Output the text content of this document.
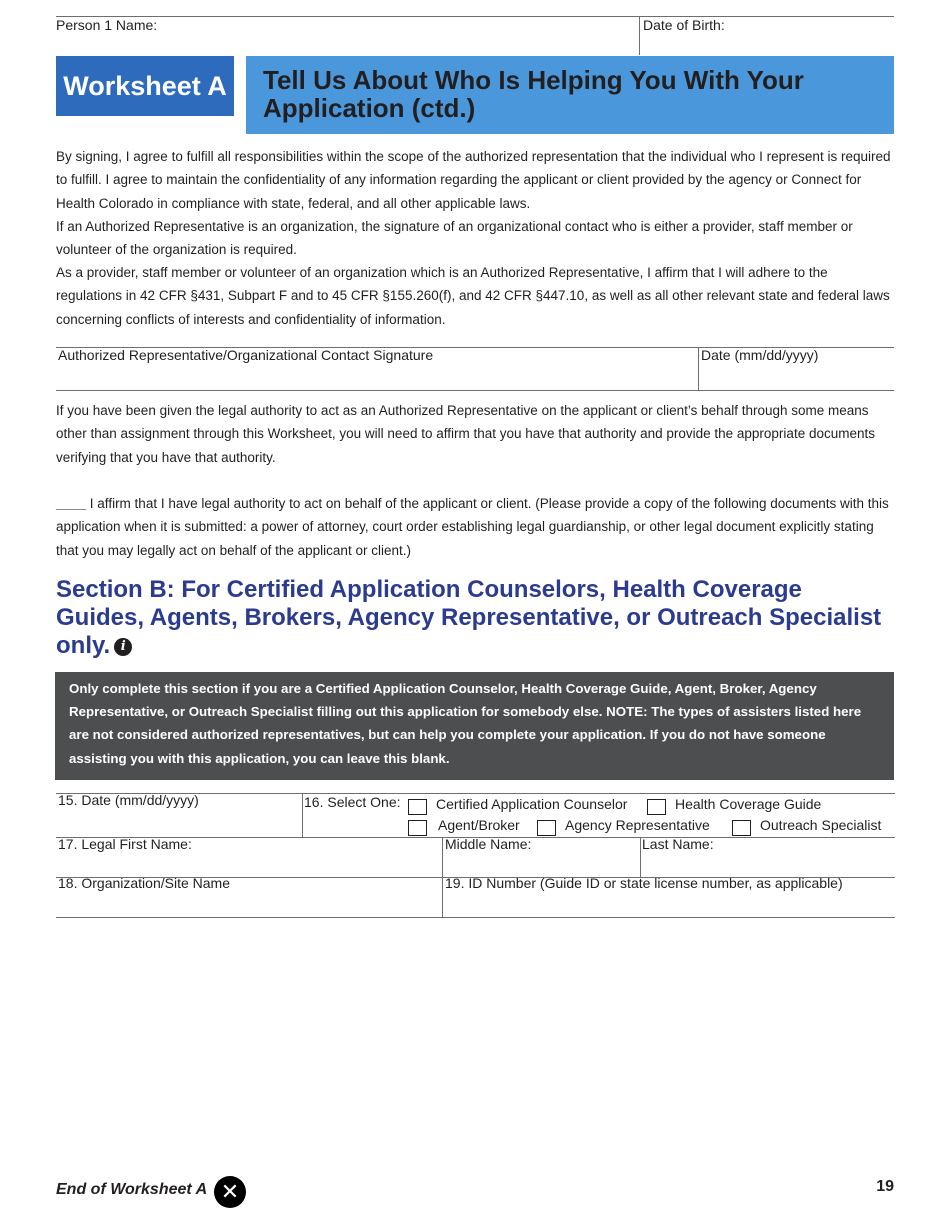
Person 1 Name:	Date of Birth:
Worksheet A Tell Us About Who Is Helping You With Your Application (ctd.)
By signing, I agree to fulfill all responsibilities within the scope of the authorized representation that the individual who I represent is required to fulfill. I agree to maintain the confidentiality of any information regarding the applicant or client provided by the agency or Connect for Health Colorado in compliance with state, federal, and all other applicable laws.
If an Authorized Representative is an organization, the signature of an organizational contact who is either a provider, staff member or volunteer of the organization is required.
As a provider, staff member or volunteer of an organization which is an Authorized Representative, I affirm that I will adhere to the regulations in 42 CFR §431, Subpart F and to 45 CFR §155.260(f), and 42 CFR §447.10, as well as all other relevant state and federal laws concerning conflicts of interests and confidentiality of information.
Authorized Representative/Organizational Contact Signature	Date (mm/dd/yyyy)
If you have been given the legal authority to act as an Authorized Representative on the applicant or client’s behalf through some means other than assignment through this Worksheet, you will need to affirm that you have that authority and provide the appropriate documents verifying that you have that authority.
____ I affirm that I have legal authority to act on behalf of the applicant or client. (Please provide a copy of the following documents with this application when it is submitted: a power of attorney, court order establishing legal guardianship, or other legal document explicitly stating that you may legally act on behalf of the applicant or client.)
Section B: For Certified Application Counselors, Health Coverage Guides, Agents, Brokers, Agency Representative, or Outreach Specialist only. i
Only complete this section if you are a Certified Application Counselor, Health Coverage Guide, Agent, Broker, Agency Representative, or Outreach Specialist filling out this application for somebody else. NOTE: The types of assisters listed here are not considered authorized representatives, but can help you complete your application. If you do not have someone assisting you with this application, you can leave this blank.
15. Date (mm/dd/yyyy)	16. Select One:	Certified Application Counselor	Health Coverage Guide
Agent/Broker	Agency Representative	Outreach Specialist
17. Legal First Name:	Middle Name:	Last Name:
18. Organization/Site Name	19. ID Number (Guide ID or state license number, as applicable)
End of Worksheet A ✕	19
